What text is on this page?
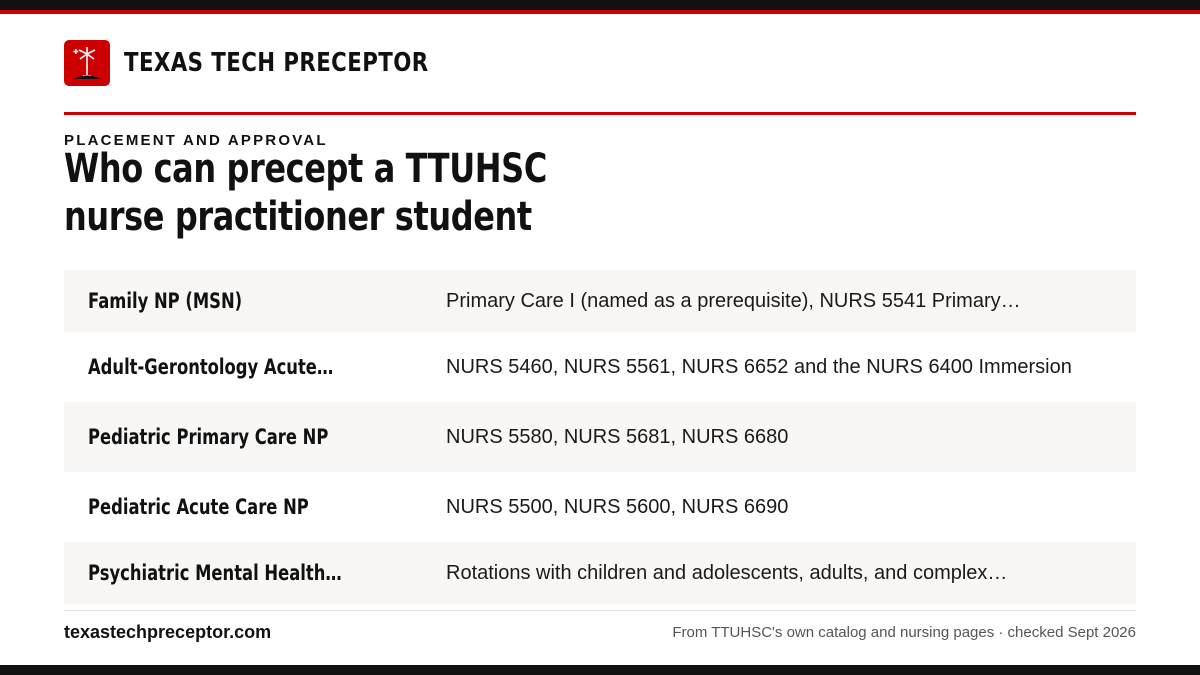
TEXAS TECH PRECEPTOR
PLACEMENT AND APPROVAL
Who can precept a TTUHSC
nurse practitioner student
Family NP (MSN)	Primary Care I (named as a prerequisite), NURS 5541 Primary…
Adult-Gerontology Acute…	NURS 5460, NURS 5561, NURS 6652 and the NURS 6400 Immersion
Pediatric Primary Care NP	NURS 5580, NURS 5681, NURS 6680
Pediatric Acute Care NP	NURS 5500, NURS 5600, NURS 6690
Psychiatric Mental Health…	Rotations with children and adolescents, adults, and complex…
texastechpreceptor.com	From TTUHSC's own catalog and nursing pages · checked Sept 2026
